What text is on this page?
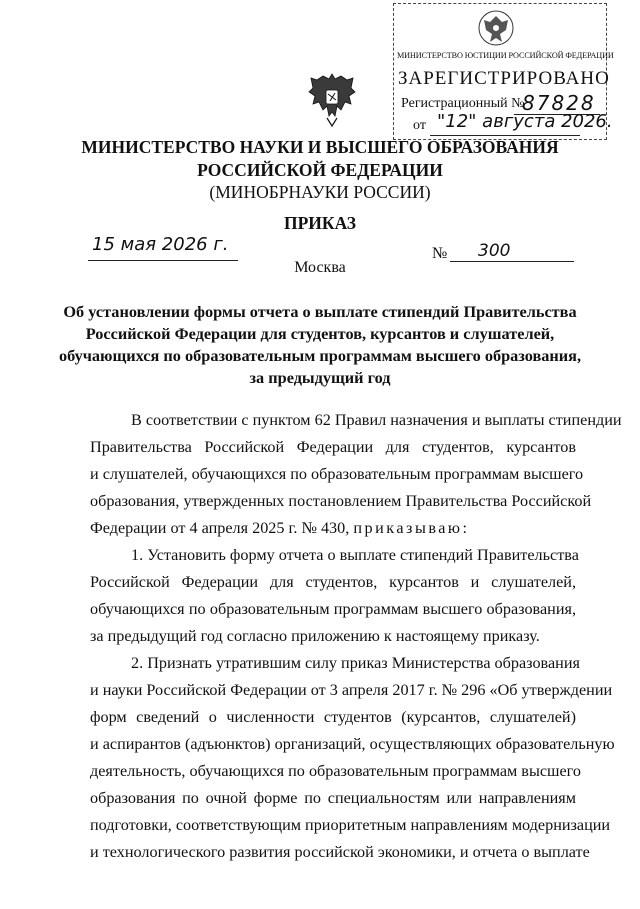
МИНИСТЕРСТВО ЮСТИЦИИ РОССИЙСКОЙ ФЕДЕРАЦИИ
ЗАРЕГИСТРИРОВАНО
Регистрационный №
87828
от "12" августа 2026.
МИНИСТЕРСТВО НАУКИ И ВЫСШЕГО ОБРАЗОВАНИЯ
РОССИЙСКОЙ ФЕДЕРАЦИИ
(МИНОБРНАУКИ РОССИИ)
ПРИКАЗ
15 мая 2026 г.	№ 300
Москва
Об установлении формы отчета о выплате стипендий Правительства
Российской Федерации для студентов, курсантов и слушателей,
обучающихся по образовательным программам высшего образования,
за предыдущий год
В соответствии с пунктом 62 Правил назначения и выплаты стипендии
Правительства Российской Федерации для студентов, курсантов
и слушателей, обучающихся по образовательным программам высшего
образования, утвержденных постановлением Правительства Российской
Федерации от 4 апреля 2025 г. № 430, приказываю:
1. Установить форму отчета о выплате стипендий Правительства
Российской Федерации для студентов, курсантов и слушателей,
обучающихся по образовательным программам высшего образования,
за предыдущий год согласно приложению к настоящему приказу.
2. Признать утратившим силу приказ Министерства образования
и науки Российской Федерации от 3 апреля 2017 г. № 296 «Об утверждении
форм сведений о численности студентов (курсантов, слушателей)
и аспирантов (адъюнктов) организаций, осуществляющих образовательную
деятельность, обучающихся по образовательным программам высшего
образования по очной форме по специальностям или направлениям
подготовки, соответствующим приоритетным направлениям модернизации
и технологического развития российской экономики, и отчета о выплате
